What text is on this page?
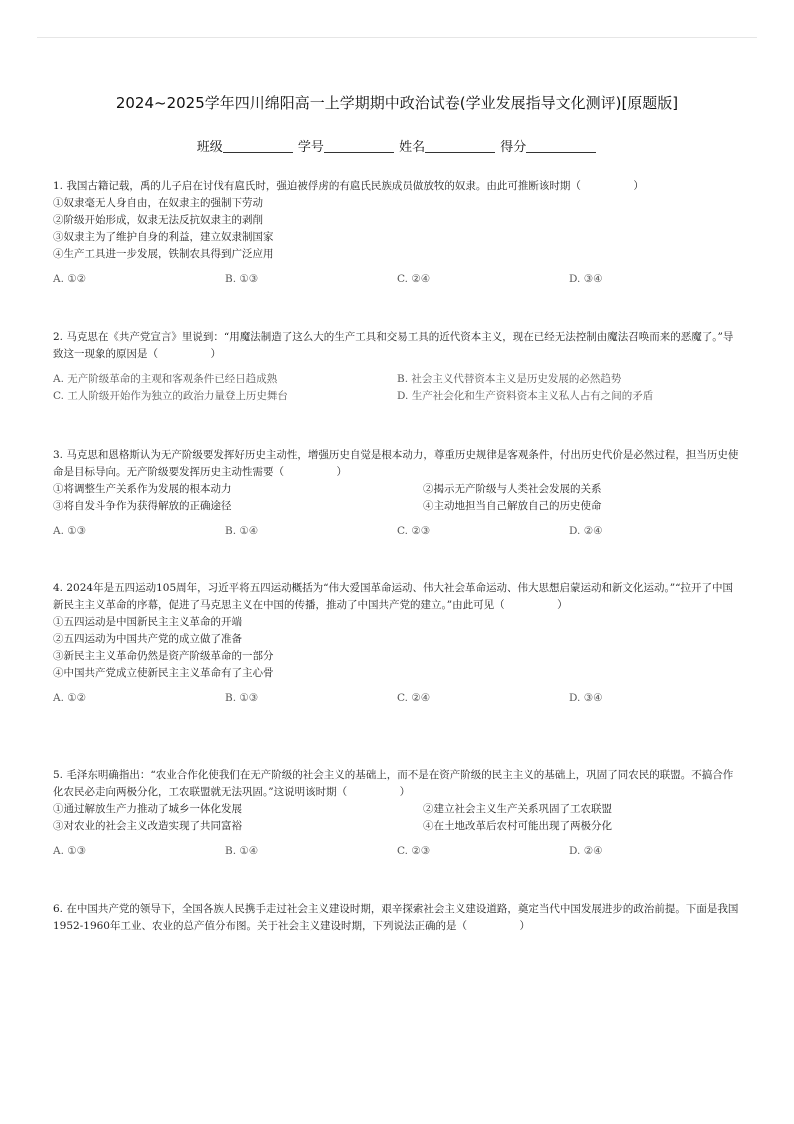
2024~2025学年四川绵阳高一上学期期中政治试卷(学业发展指导文化测评)[原题版]
班级	学号	姓名	得分

1. 我国古籍记载，禹的儿子启在讨伐有扈氏时，强迫被俘虏的有扈氏民族成员做放牧的奴隶。由此可推断该时期（　　　　　）

①奴隶毫无人身自由，在奴隶主的强制下劳动

②阶级开始形成，奴隶无法反抗奴隶主的剥削

③奴隶主为了维护自身的利益，建立奴隶制国家

④生产工具进一步发展，铁制农具得到广泛应用

A. ①②	B. ①③	C. ②④	D. ③④

2. 马克思在《共产党宣言》里说到：“用魔法制造了这么大的生产工具和交易工具的近代资本主义，现在已经无法控制由魔法召唤而来的恶魔了。”导致这一现象的原因是（　　　　　）

A. 无产阶级革命的主观和客观条件已经日趋成熟	B. 社会主义代替资本主义是历史发展的必然趋势
C. 工人阶级开始作为独立的政治力量登上历史舞台	D. 生产社会化和生产资料资本主义私人占有之间的矛盾

3. 马克思和恩格斯认为无产阶级要发挥好历史主动性，增强历史自觉是根本动力，尊重历史规律是客观条件，付出历史代价是必然过程，担当历史使命是目标导向。无产阶级要发挥历史主动性需要（　　　　　）

①将调整生产关系作为发展的根本动力	②揭示无产阶级与人类社会发展的关系
③将自发斗争作为获得解放的正确途径	④主动地担当自己解放自己的历史使命
A. ①③	B. ①④	C. ②③	D. ②④

4. 2024年是五四运动105周年，习近平将五四运动概括为“伟大爱国革命运动、伟大社会革命运动、伟大思想启蒙运动和新文化运动。”“拉开了中国新民主主义革命的序幕，促进了马克思主义在中国的传播，推动了中国共产党的建立。”由此可见（　　　　　）

①五四运动是中国新民主主义革命的开端

②五四运动为中国共产党的成立做了准备

③新民主主义革命仍然是资产阶级革命的一部分

④中国共产党成立使新民主主义革命有了主心骨

A. ①②	B. ①③	C. ②④	D. ③④

5. 毛泽东明确指出：“农业合作化使我们在无产阶级的社会主义的基础上，而不是在资产阶级的民主主义的基础上，巩固了同农民的联盟。不搞合作化农民必走向两极分化，工农联盟就无法巩固。”这说明该时期（　　　　　）

①通过解放生产力推动了城乡一体化发展	②建立社会主义生产关系巩固了工农联盟
③对农业的社会主义改造实现了共同富裕	④在土地改革后农村可能出现了两极分化
A. ①③	B. ①④	C. ②③	D. ②④

6. 在中国共产党的领导下，全国各族人民携手走过社会主义建设时期，艰辛探索社会主义建设道路，奠定当代中国发展进步的政治前提。下面是我国1952-1960年工业、农业的总产值分布图。关于社会主义建设时期，下列说法正确的是（　　　　　）
